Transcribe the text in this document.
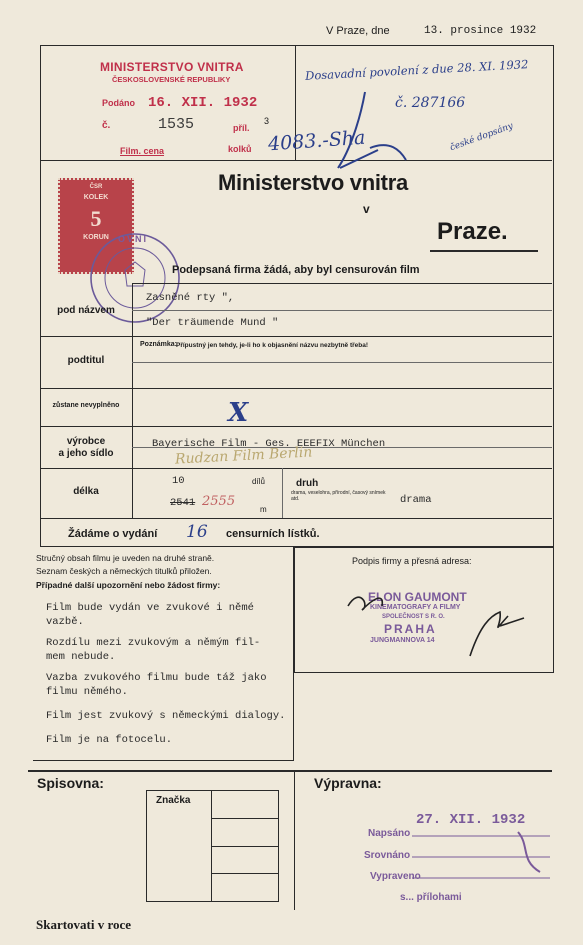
V Praze, dne	13. prosince 1932
MINISTERSTVO VNITRA
ČESKOSLOVENSKÉ REPUBLIKY
Podáno 16. XII. 1932
č.	1535	příl.
3
kolků
Film. cena
Dosavadní povolení z due 28. XI. 1932
č. 287166
4083.-Sha	české dopsány
Ministerstvo vnitra
v
Praze.
ČSR
KOLEK
5
KORUN	OVNI
Podepsaná firma žádá, aby byl censurován film
pod názvem
Zasněné rty ",
"Der träumende Mund "
podtitul
Poznámka: Přípustný jen tehdy, je-li ho k objasnění názvu nezbytně třeba!
zůstane nevyplněno	X
výrobce
a jeho sídlo
Bayerische Film - Ges. EEEFIX München
Rudzan Film Berlin
délka
10	dílů
2541 2555
m
druh
drama, veselohra, přírodní, časový snímek atd.	drama
Žádáme o vydání 16 censurních lístků.
Stručný obsah filmu je uveden na druhé straně.
Seznam českých a německých titulků přiložen.
Případné další upozornění nebo žádost firmy:
Film bude vydán ve zvukové i němé
vazbě.
Rozdílu mezi zvukovým a němým fil-
mem nebude.
Vazba zvukového filmu bude táž jako
filmu němého.
Film jest zvukový s německými dialogy.
Film je na fotocelu.
Podpis firmy a přesná adresa:
ELON GAUMONT
KINEMATOGRAFY A FILMY
SPOLEČNOST S R. O.
PRAHA
JUNGMANNOVA 14
Spisovna:
Značka
Výpravna:
27. XII. 1932
Napsáno
Srovnáno
Vypraveno
s... přílohami
Skartovati v roce
